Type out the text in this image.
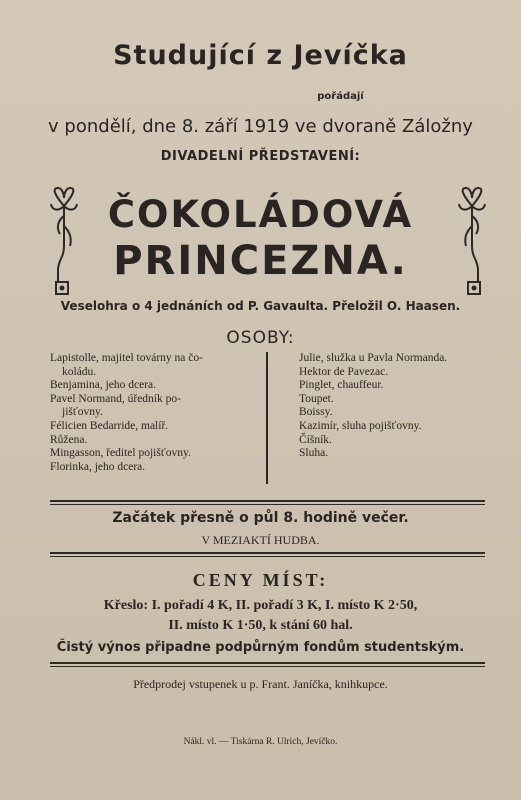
Studující z Jevíčka
pořádají
v pondělí, dne 8. září 1919 ve dvoraně Záložny
DIVADELNÍ PŘEDSTAVENÍ:
ČOKOLÁDOVÁ
PRINCEZNA.
Veselohra o 4 jednáních od P. Gavaulta. Přeložil O. Haasen.
OSOBY:
Lapistolle, majitel továrny na čo-
koládu.
Benjamina, jeho dcera.
Pavel Normand, úředník po-
jišťovny.
Félicien Bedarride, malíř.
Růžena.
Mingasson, ředitel pojišťovny.
Florinka, jeho dcera.
Julie, služka u Pavla Normanda.
Hektor de Pavezac.
Pinglet, chauffeur.
Toupet.
Boissy.
Kazimír, sluha pojišťovny.
Číšník.
Sluha.
Začátek přesně o půl 8. hodině večer.
V MEZIAKTÍ HUDBA.
CENY MÍST:
Křeslo: I. pořadí 4 K, II. pořadí 3 K, I. místo K 2·50,
II. místo K 1·50, k stání 60 hal.
Čistý výnos připadne podpůrným fondům studentským.
Předprodej vstupenek u p. Frant. Janíčka, knihkupce.
Nákl. vl. — Tiskárna R. Ulrich, Jevíčko.
